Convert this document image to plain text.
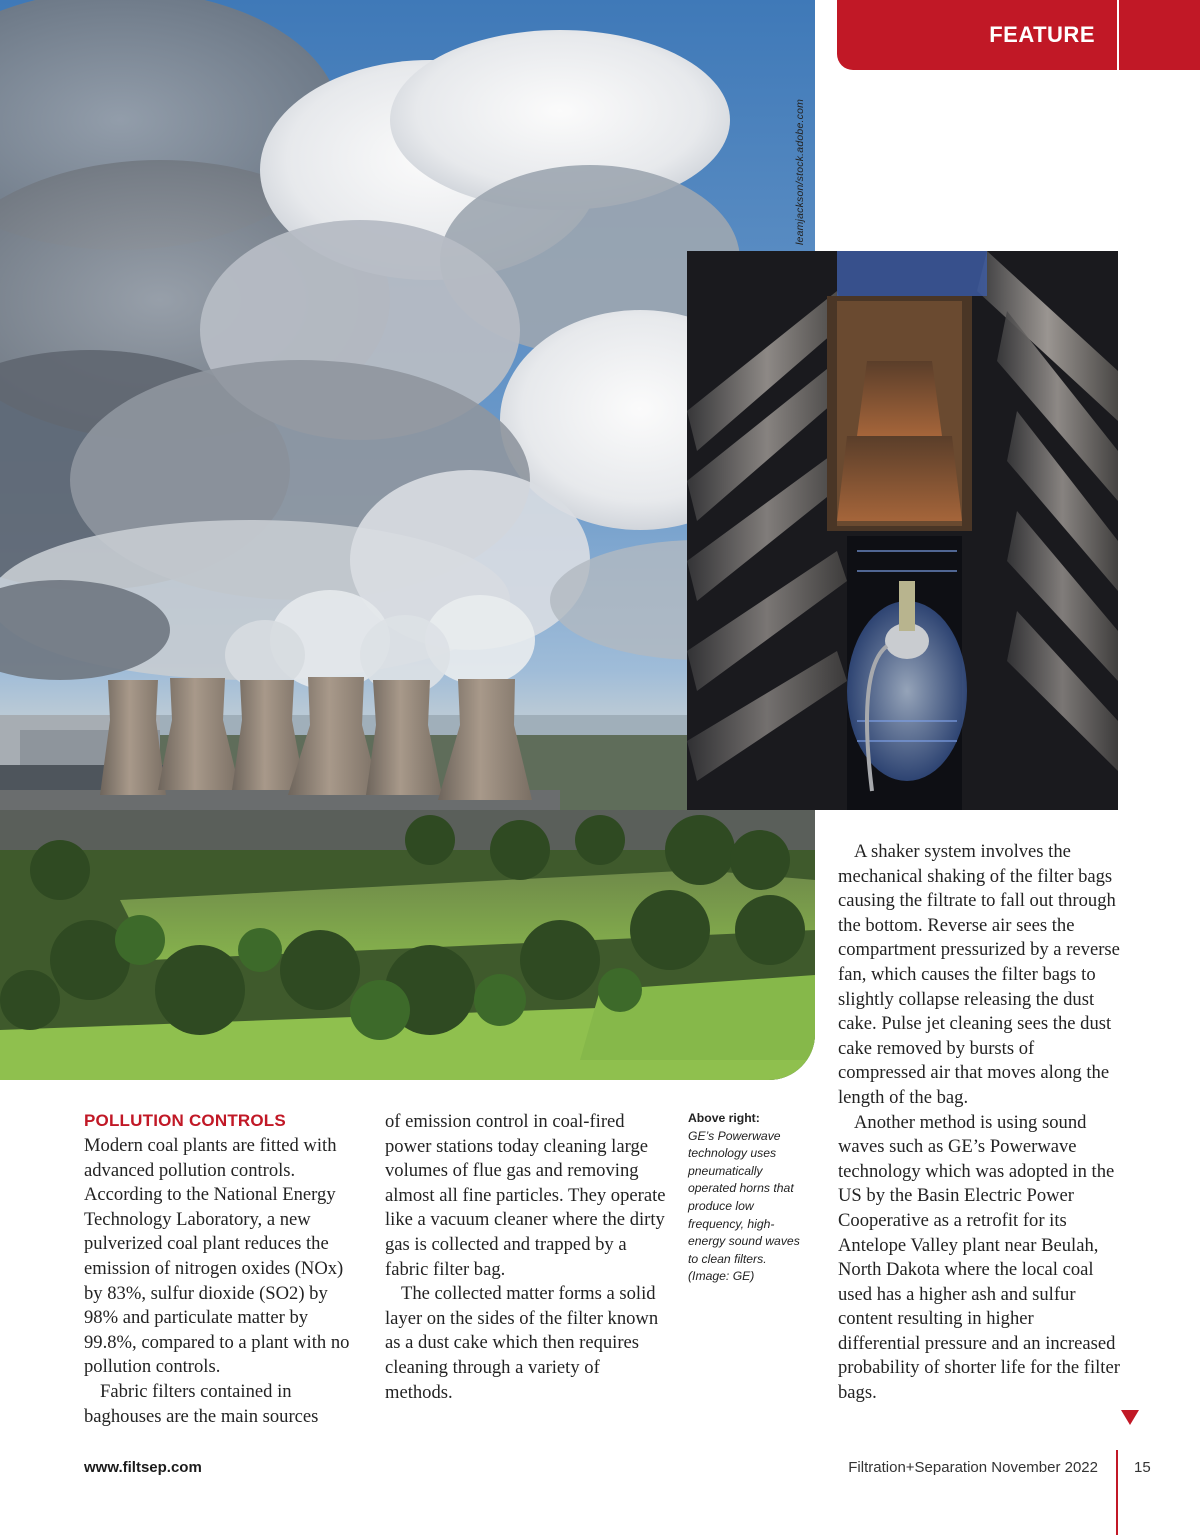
leamjackson/stock.adobe.com
FEATURE
POLLUTION CONTROLS

Modern coal plants are fitted with advanced pollution controls. According to the National Energy Technology Laboratory, a new pulverized coal plant reduces the emission of nitrogen oxides (NOx) by 83%, sulfur dioxide (SO2) by 98% and particulate matter by 99.8%, compared to a plant with no pollution controls.

Fabric filters contained in baghouses are the main sources

of emission control in coal-fired power stations today cleaning large volumes of flue gas and removing almost all fine particles. They operate like a vacuum cleaner where the dirty gas is collected and trapped by a fabric filter bag.

The collected matter forms a solid layer on the sides of the filter known as a dust cake which then requires cleaning through a variety of methods.

Above right:
GE’s Powerwave technology uses pneumatically operated horns that produce low frequency, high-energy sound waves to clean filters. (Image: GE)

A shaker system involves the mechanical shaking of the filter bags causing the filtrate to fall out through the bottom. Reverse air sees the compartment pressurized by a reverse fan, which causes the filter bags to slightly collapse releasing the dust cake. Pulse jet cleaning sees the dust cake removed by bursts of compressed air that moves along the length of the bag.

Another method is using sound waves such as GE’s Powerwave technology which was adopted in the US by the Basin Electric Power Cooperative as a retrofit for its Antelope Valley plant near Beulah, North Dakota where the local coal used has a higher ash and sulfur content resulting in higher differential pressure and an increased probability of shorter life for the filter bags.

www.filtsep.com	Filtration+Separation November 2022 15
